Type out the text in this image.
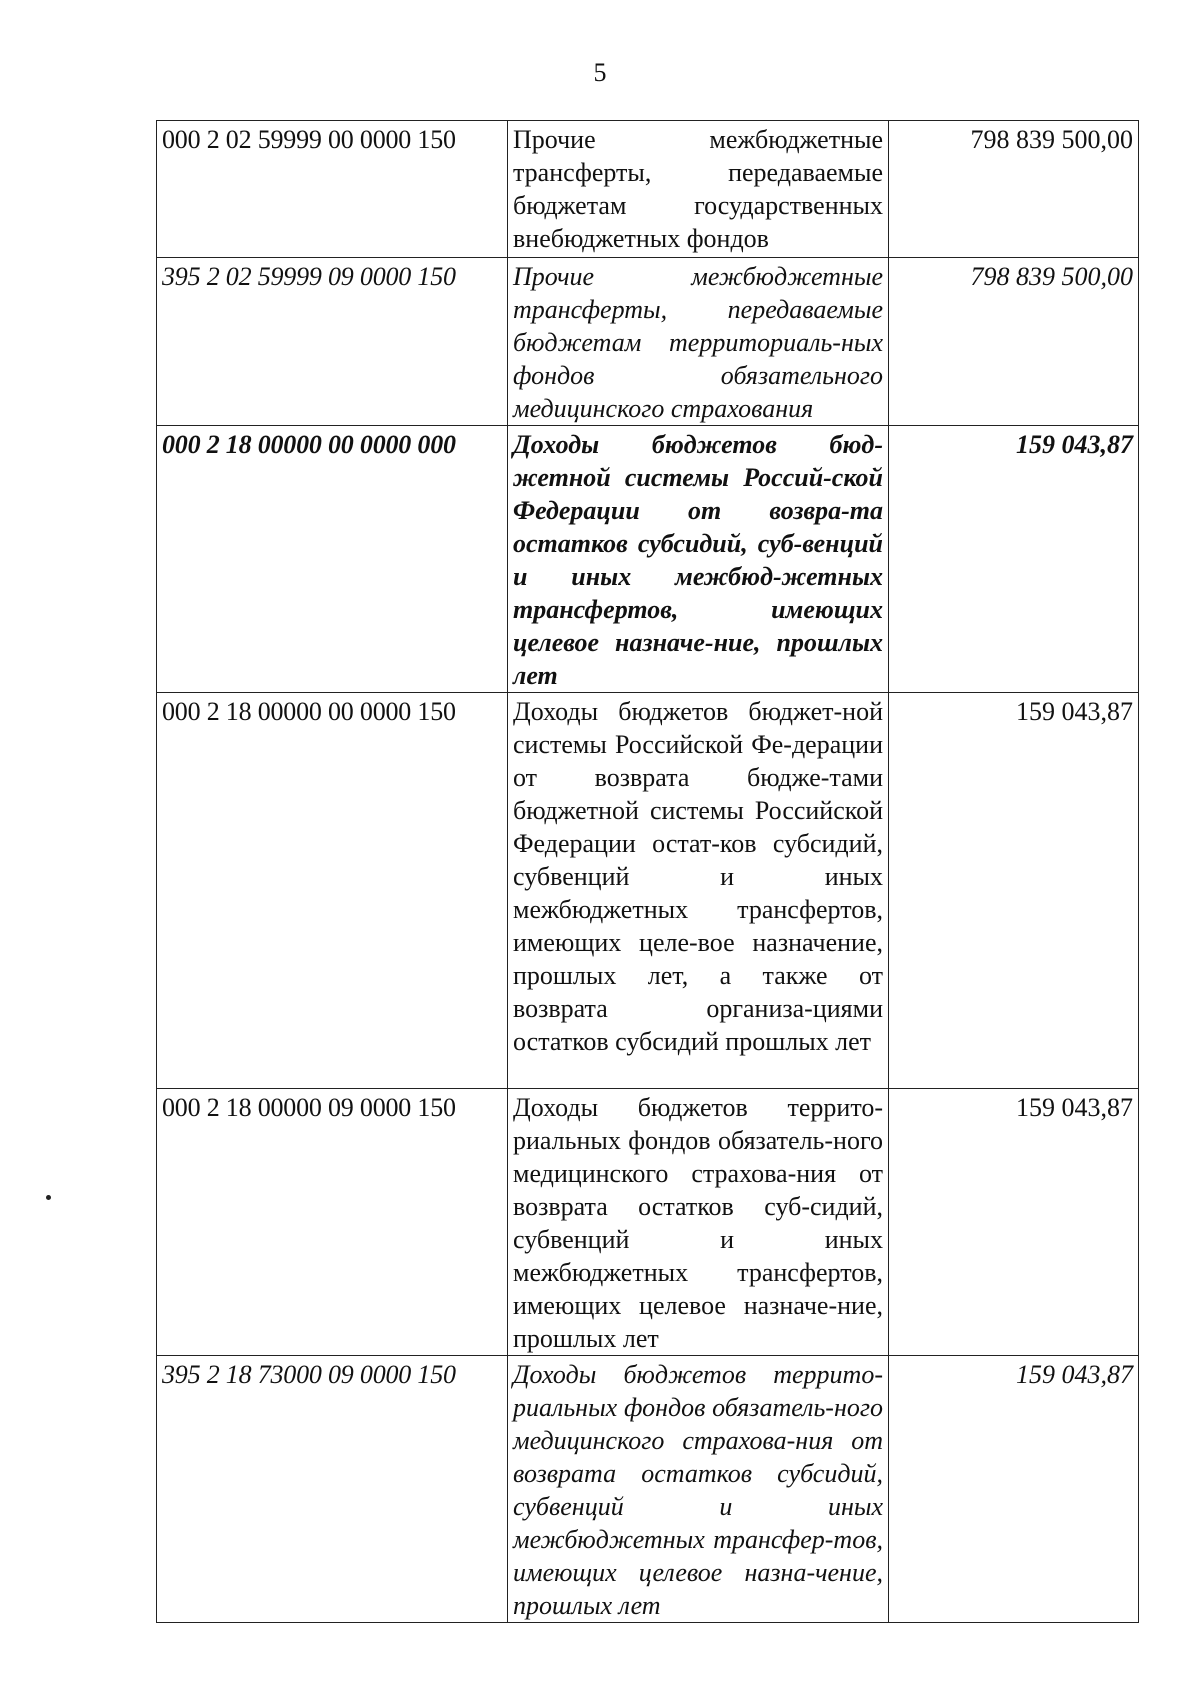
5
000 2 02 59999 00 0000 150	Прочие межбюджетные трансферты, передаваемые бюджетам государственных внебюджетных фондов	798 839 500,00
395 2 02 59999 09 0000 150	Прочие межбюджетные трансферты, передаваемые бюджетам территориаль-ных фондов обязательного медицинского страхования	798 839 500,00
000 2 18 00000 00 0000 000	Доходы бюджетов бюд-жетной системы Россий-ской Федерации от возвра-та остатков субсидий, суб-венций и иных межбюд-жетных трансфертов, имеющих целевое назначе-ние, прошлых лет	159 043,87
000 2 18 00000 00 0000 150	Доходы бюджетов бюджет-ной системы Российской Фе-дерации от возврата бюдже-тами бюджетной системы Российской Федерации остат-ков субсидий, субвенций и иных межбюджетных трансфертов, имеющих целе-вое назначение, прошлых лет, а также от возврата организа-циями остатков субсидий прошлых лет	159 043,87
000 2 18 00000 09 0000 150	Доходы бюджетов террито-риальных фондов обязатель-ного медицинского страхова-ния от возврата остатков суб-сидий, субвенций и иных межбюджетных трансфертов, имеющих целевое назначе-ние, прошлых лет	159 043,87
395 2 18 73000 09 0000 150	Доходы бюджетов террито-риальных фондов обязатель-ного медицинского страхова-ния от возврата остатков субсидий, субвенций и иных межбюджетных трансфер-тов, имеющих целевое назна-чение, прошлых лет	159 043,87
